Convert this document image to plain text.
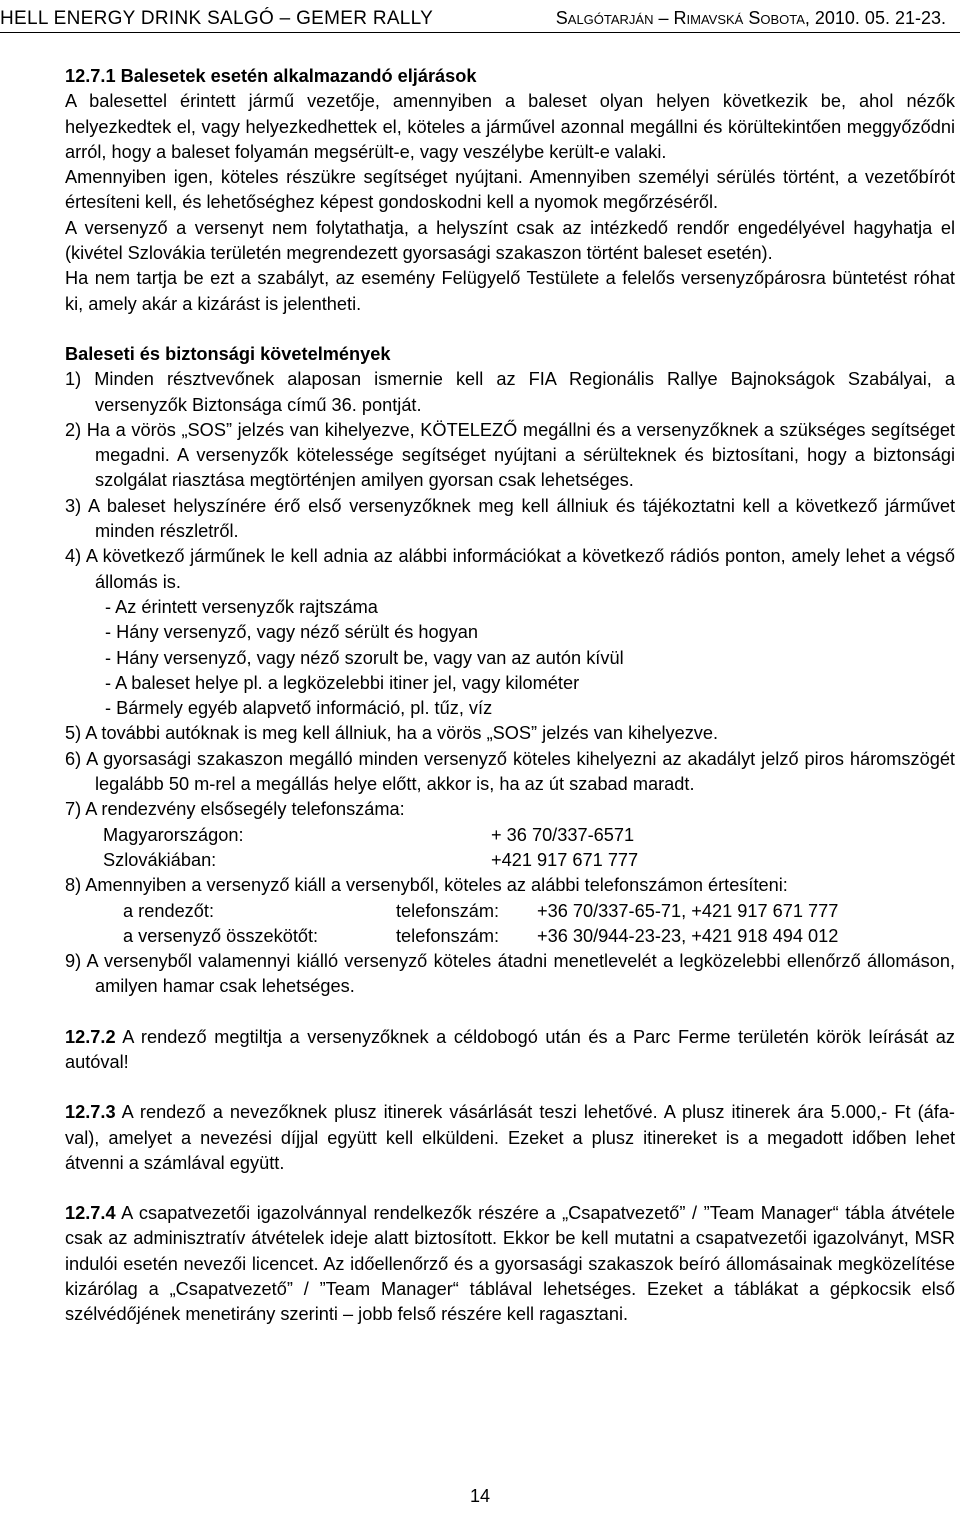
HELL ENERGY DRINK SALGÓ – GEMER RALLY	Salgótarján – Rimavská Sobota, 2010. 05. 21-23.

12.7.1 Balesetek esetén alkalmazandó eljárások

A balesettel érintett jármű vezetője, amennyiben a baleset olyan helyen következik be, ahol nézők helyezkedtek el, vagy helyezkedhettek el, köteles a járművel azonnal megállni és körültekintően meggyőződni arról, hogy a baleset folyamán megsérült-e, vagy veszélybe került-e valaki.

Amennyiben igen, köteles részükre segítséget nyújtani. Amennyiben személyi sérülés történt, a vezetőbírót értesíteni kell, és lehetőséghez képest gondoskodni kell a nyomok megőrzéséről.

A versenyző a versenyt nem folytathatja, a helyszínt csak az intézkedő rendőr engedélyével hagyhatja el (kivétel Szlovákia területén megrendezett gyorsasági szakaszon történt baleset esetén).

Ha nem tartja be ezt a szabályt, az esemény Felügyelő Testülete a felelős versenyzőpárosra büntetést róhat ki, amely akár a kizárást is jelentheti.

Baleseti és biztonsági követelmények

1) Minden résztvevőnek alaposan ismernie kell az FIA Regionális Rallye Bajnokságok Szabályai, a versenyzők Biztonsága című 36. pontját.

2) Ha a vörös „SOS” jelzés van kihelyezve, KÖTELEZŐ megállni és a versenyzőknek a szükséges segítséget megadni. A versenyzők kötelessége segítséget nyújtani a sérülteknek és biztosítani, hogy a biztonsági szolgálat riasztása megtörténjen amilyen gyorsan csak lehetséges.

3) A baleset helyszínére érő első versenyzőknek meg kell állniuk és tájékoztatni kell a következő járművet minden részletről.

4) A következő járműnek le kell adnia az alábbi információkat a következő rádiós ponton, amely lehet a végső állomás is.

- Az érintett versenyzők rajtszáma

- Hány versenyző, vagy néző sérült és hogyan

- Hány versenyző, vagy néző szorult be, vagy van az autón kívül

- A baleset helye pl. a legközelebbi itiner jel, vagy kilométer

- Bármely egyéb alapvető információ, pl. tűz, víz

5) A további autóknak is meg kell állniuk, ha a vörös „SOS” jelzés van kihelyezve.

6) A gyorsasági szakaszon megálló minden versenyző köteles kihelyezni az akadályt jelző piros háromszögét legalább 50 m-rel a megállás helye előtt, akkor is, ha az út szabad maradt.

7) A rendezvény elsősegély telefonszáma:

Magyarországon:	+ 36 70/337-6571

Szlovákiában:	+421 917 671 777

8) Amennyiben a versenyző kiáll a versenyből, köteles az alábbi telefonszámon értesíteni:

a rendezőt:	telefonszám: +36 70/337-65-71, +421 917 671 777

a versenyző összekötőt:	telefonszám: +36 30/944-23-23, +421 918 494 012

9) A versenyből valamennyi kiálló versenyző köteles átadni menetlevelét a legközelebbi ellenőrző állomáson, amilyen hamar csak lehetséges.

12.7.2 A rendező megtiltja a versenyzőknek a céldobogó után és a Parc Ferme területén körök leírását az autóval!

12.7.3 A rendező a nevezőknek plusz itinerek vásárlását teszi lehetővé. A plusz itinerek ára 5.000,- Ft (áfa-val), amelyet a nevezési díjjal együtt kell elküldeni. Ezeket a plusz itinereket is a megadott időben lehet átvenni a számlával együtt.

12.7.4 A csapatvezetői igazolvánnyal rendelkezők részére a „Csapatvezető” / ”Team Manager“ tábla átvétele csak az adminisztratív átvételek ideje alatt biztosított. Ekkor be kell mutatni a csapatvezetői igazolványt, MSR indulói esetén nevezői licencet. Az időellenőrző és a gyorsasági szakaszok beíró állomásainak megközelítése kizárólag a „Csapatvezető” / ”Team Manager“ táblával lehetséges. Ezeket a táblákat a gépkocsik első szélvédőjének menetirány szerinti – jobb felső részére kell ragasztani.

14
